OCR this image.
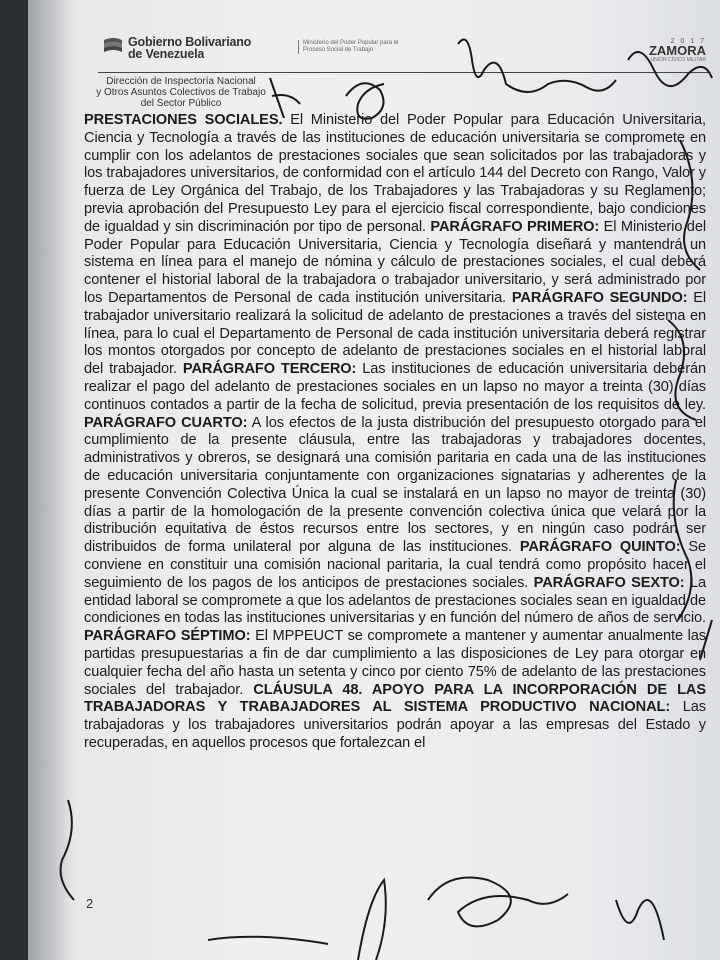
Gobierno Bolivariano
de Venezuela
Ministerio del Poder Popular para el Proceso Social de Trabajo
2 0 1 7
ZAMORA
UNIÓN CÍVICO MILITAR
Dirección de Inspectoría Nacional
y Otros Asuntos Colectivos de Trabajo
del Sector Público
PRESTACIONES SOCIALES. El Ministerio del Poder Popular para Educación Universitaria, Ciencia y Tecnología a través de las instituciones de educación universitaria se compromete en cumplir con los adelantos de prestaciones sociales que sean solicitados por las trabajadoras y los trabajadores universitarios, de conformidad con el artículo 144 del Decreto con Rango, Valor y fuerza de Ley Orgánica del Trabajo, de los Trabajadores y las Trabajadoras y su Reglamento; previa aprobación del Presupuesto Ley para el ejercicio fiscal correspondiente, bajo condiciones de igualdad y sin discriminación por tipo de personal. PARÁGRAFO PRIMERO: El Ministerio del Poder Popular para Educación Universitaria, Ciencia y Tecnología diseñará y mantendrá un sistema en línea para el manejo de nómina y cálculo de prestaciones sociales, el cual deberá contener el historial laboral de la trabajadora o trabajador universitario, y será administrado por los Departamentos de Personal de cada institución universitaria. PARÁGRAFO SEGUNDO: El trabajador universitario realizará la solicitud de adelanto de prestaciones a través del sistema en línea, para lo cual el Departamento de Personal de cada institución universitaria deberá registrar los montos otorgados por concepto de adelanto de prestaciones sociales en el historial laboral del trabajador. PARÁGRAFO TERCERO: Las instituciones de educación universitaria deberán realizar el pago del adelanto de prestaciones sociales en un lapso no mayor a treinta (30) días continuos contados a partir de la fecha de solicitud, previa presentación de los requisitos de ley. PARÁGRAFO CUARTO: A los efectos de la justa distribución del presupuesto otorgado para el cumplimiento de la presente cláusula, entre las trabajadoras y trabajadores docentes, administrativos y obreros, se designará una comisión paritaria en cada una de las instituciones de educación universitaria conjuntamente con organizaciones signatarias y adherentes de la presente Convención Colectiva Única la cual se instalará en un lapso no mayor de treinta (30) días a partir de la homologación de la presente convención colectiva única que velará por la distribución equitativa de éstos recursos entre los sectores, y en ningún caso podrán ser distribuidos de forma unilateral por alguna de las instituciones. PARÁGRAFO QUINTO: Se conviene en constituir una comisión nacional paritaria, la cual tendrá como propósito hacer el seguimiento de los pagos de los anticipos de prestaciones sociales. PARÁGRAFO SEXTO: La entidad laboral se compromete a que los adelantos de prestaciones sociales sean en igualdad de condiciones en todas las instituciones universitarias y en función del número de años de servicio. PARÁGRAFO SÉPTIMO: El MPPEUCT se compromete a mantener y aumentar anualmente las partidas presupuestarias a fin de dar cumplimiento a las disposiciones de Ley para otorgar en cualquier fecha del año hasta un setenta y cinco por ciento 75% de adelanto de las prestaciones sociales del trabajador. CLÁUSULA 48. APOYO PARA LA INCORPORACIÓN DE LAS TRABAJADORAS Y TRABAJADORES AL SISTEMA PRODUCTIVO NACIONAL: Las trabajadoras y los trabajadores universitarios podrán apoyar a las empresas del Estado y recuperadas, en aquellos procesos que fortalezcan el
2
